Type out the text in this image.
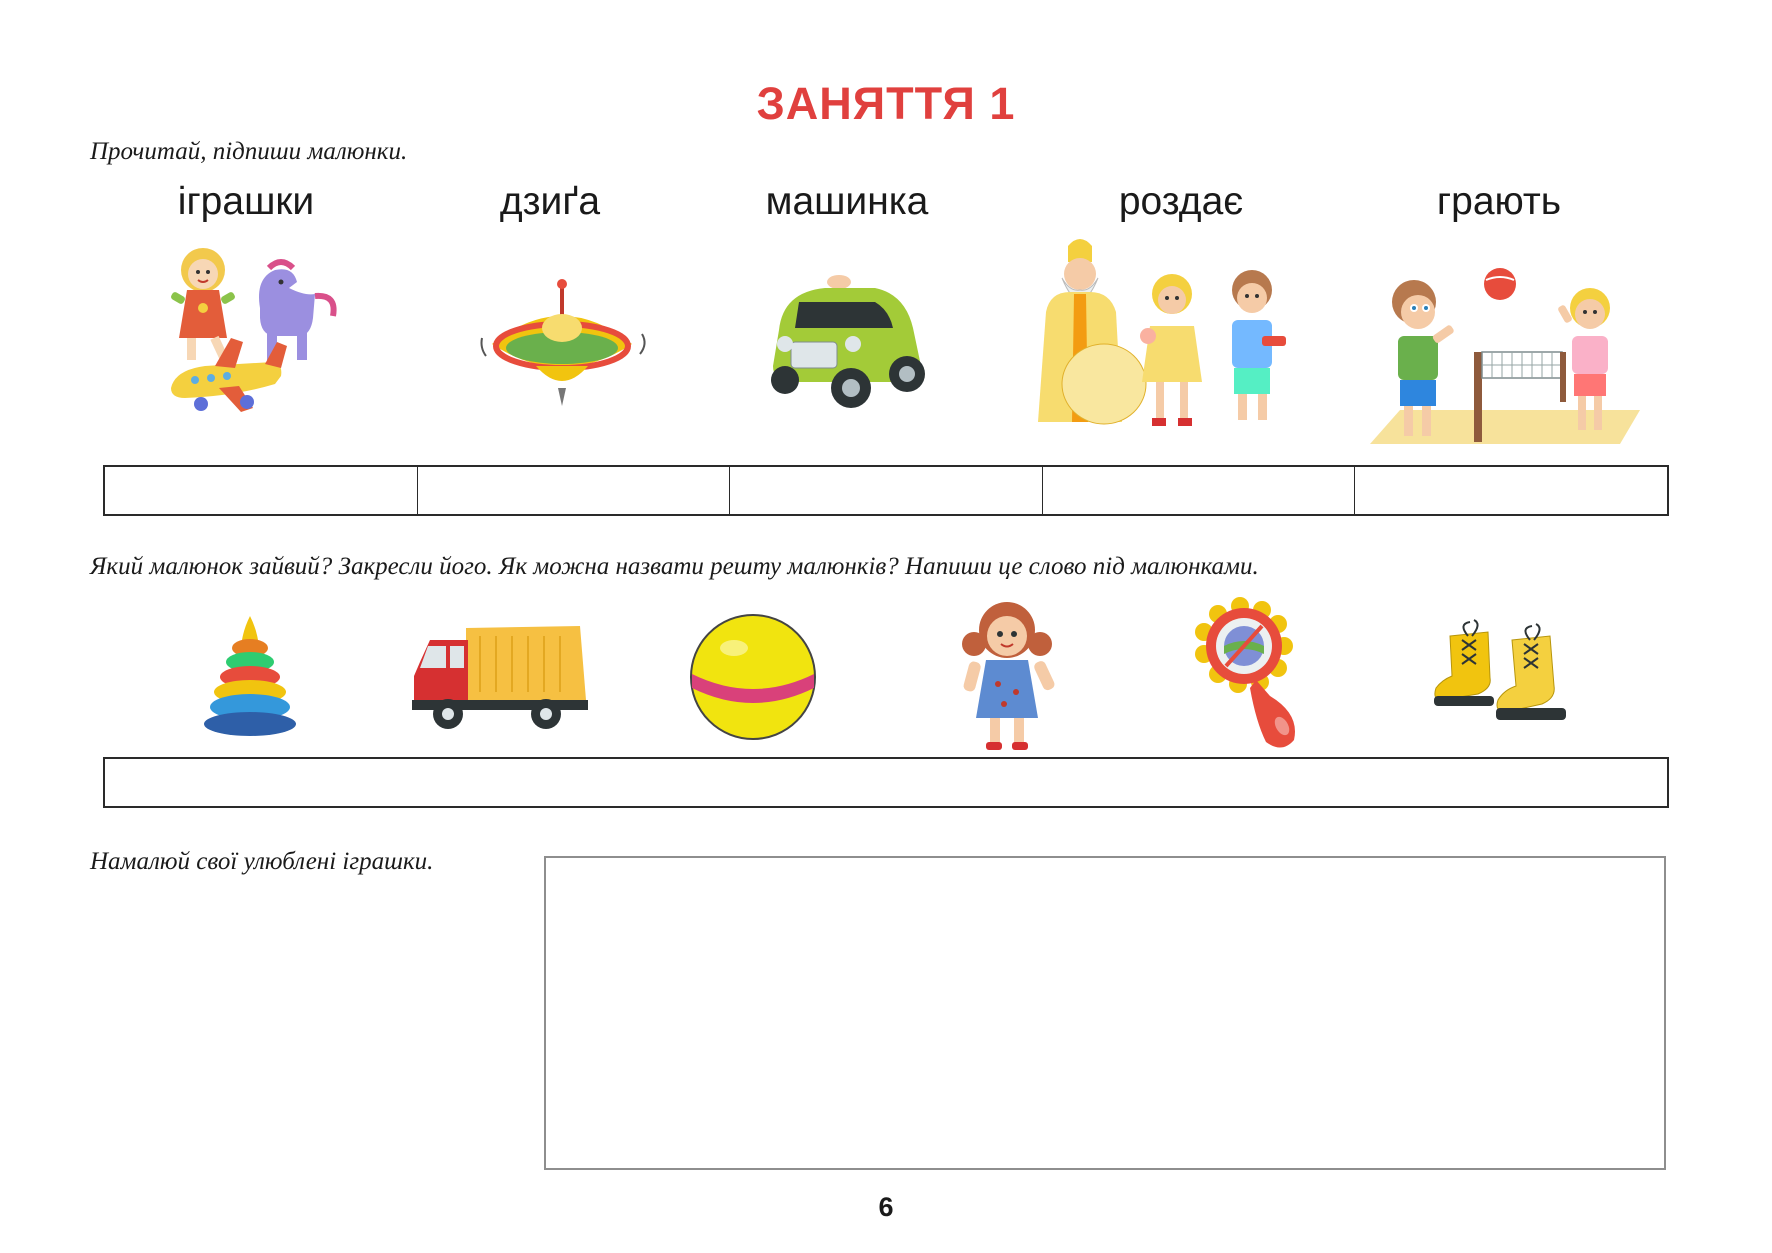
ЗАНЯТТЯ 1
Прочитай, підпиши малюнки.
іграшки	дзиґа	машинка	роздає	грають
Який малюнок зайвий? Закресли його. Як можна назвати решту малюнків? Напиши це слово під малюнками.
Намалюй свої улюблені іграшки.
6
